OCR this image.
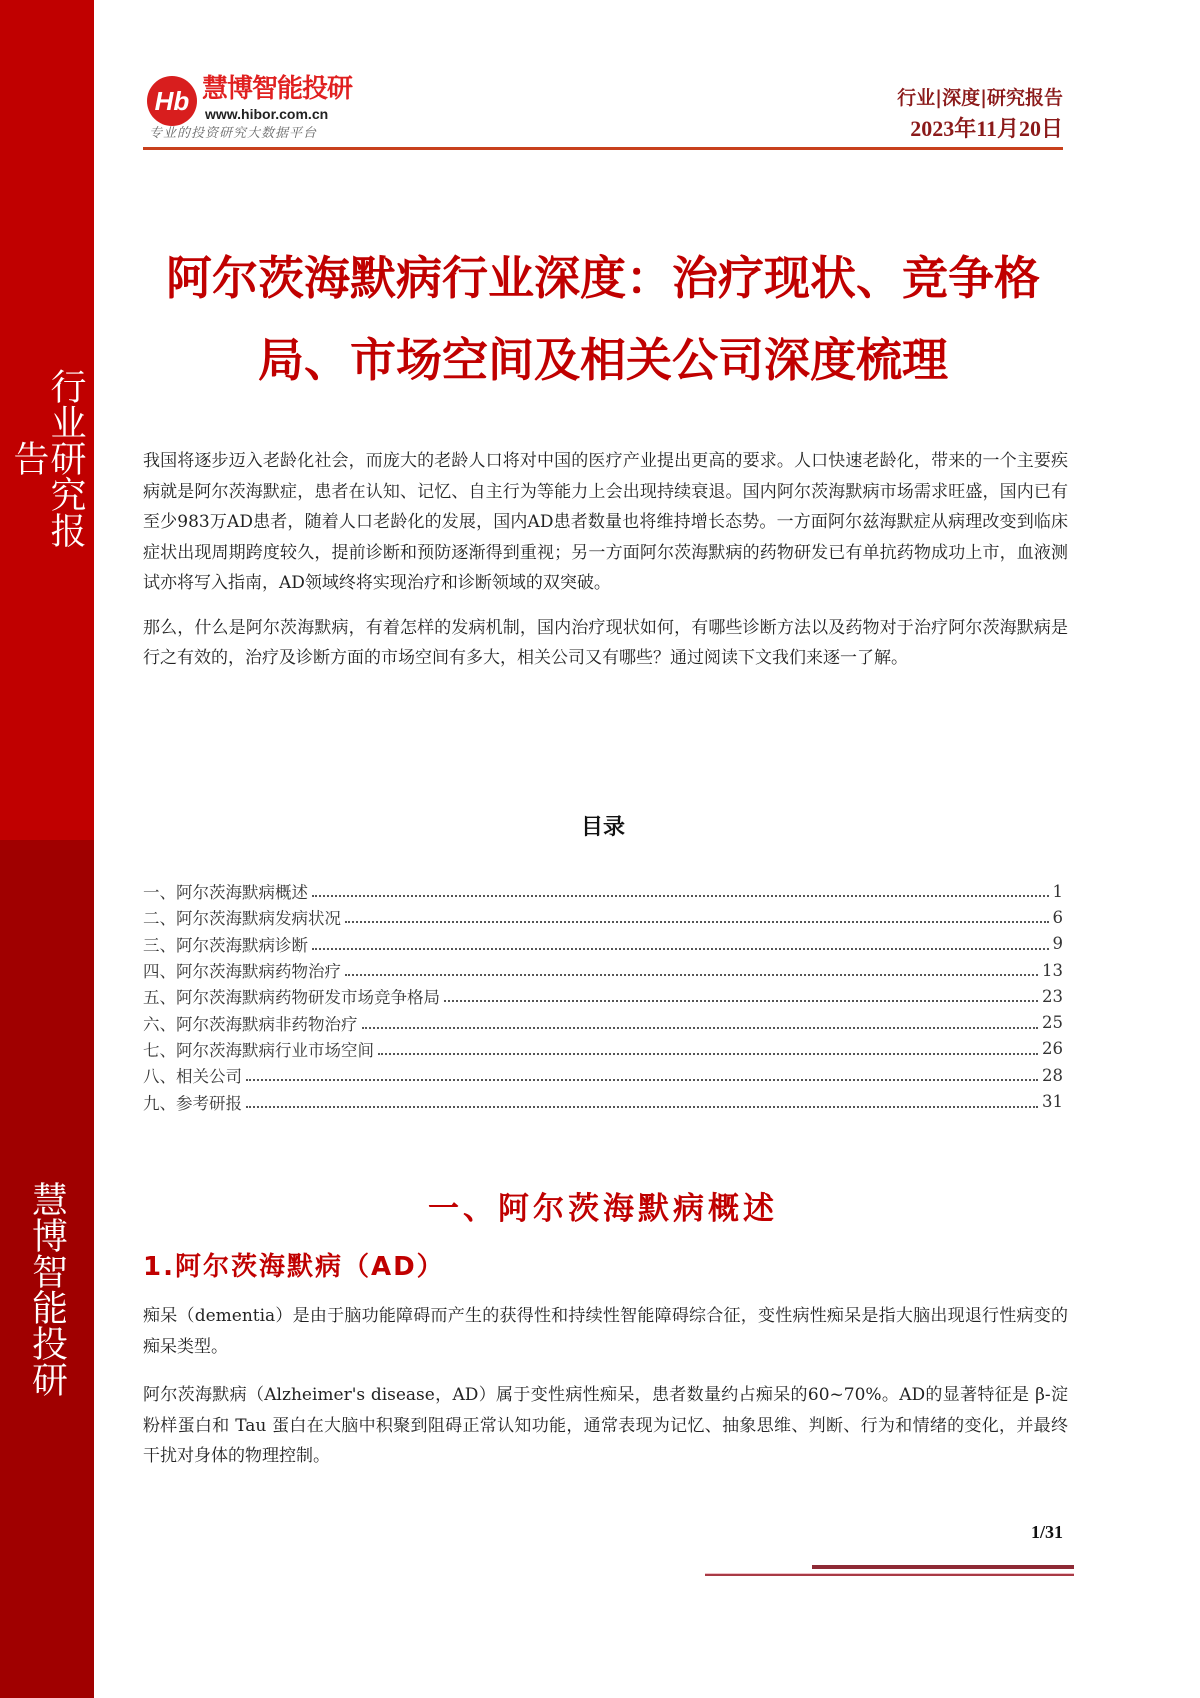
行业研究报告
慧博智能投研
Hb 慧博智能投研
www.hibor.com.cn
专业的投资研究大数据平台
行业|深度|研究报告
2023年11月20日
阿尔茨海默病行业深度：治疗现状、竞争格
局、市场空间及相关公司深度梳理

我国将逐步迈入老龄化社会，而庞大的老龄人口将对中国的医疗产业提出更高的要求。人口快速老龄化，带来的一个主要疾病就是阿尔茨海默症，患者在认知、记忆、自主行为等能力上会出现持续衰退。国内阿尔茨海默病市场需求旺盛，国内已有至少983万AD患者，随着人口老龄化的发展，国内AD患者数量也将维持增长态势。一方面阿尔兹海默症从病理改变到临床症状出现周期跨度较久，提前诊断和预防逐渐得到重视；另一方面阿尔茨海默病的药物研发已有单抗药物成功上市，血液测试亦将写入指南，AD领域终将实现治疗和诊断领域的双突破。

那么，什么是阿尔茨海默病，有着怎样的发病机制，国内治疗现状如何，有哪些诊断方法以及药物对于治疗阿尔茨海默病是行之有效的，治疗及诊断方面的市场空间有多大，相关公司又有哪些？通过阅读下文我们来逐一了解。

目录
一、阿尔茨海默病概述	1
二、阿尔茨海默病发病状况	6
三、阿尔茨海默病诊断	9
四、阿尔茨海默病药物治疗	13
五、阿尔茨海默病药物研发市场竞争格局	23
六、阿尔茨海默病非药物治疗	25
七、阿尔茨海默病行业市场空间	26
八、相关公司	28
九、参考研报	31
一、阿尔茨海默病概述
1.阿尔茨海默病（AD）

痴呆（dementia）是由于脑功能障碍而产生的获得性和持续性智能障碍综合征，变性病性痴呆是指大脑出现退行性病变的痴呆类型。

阿尔茨海默病（Alzheimer's disease，AD）属于变性病性痴呆，患者数量约占痴呆的60~70%。AD的显著特征是 β-淀粉样蛋白和 Tau 蛋白在大脑中积聚到阻碍正常认知功能，通常表现为记忆、抽象思维、判断、行为和情绪的变化，并最终干扰对身体的物理控制。

1/31
